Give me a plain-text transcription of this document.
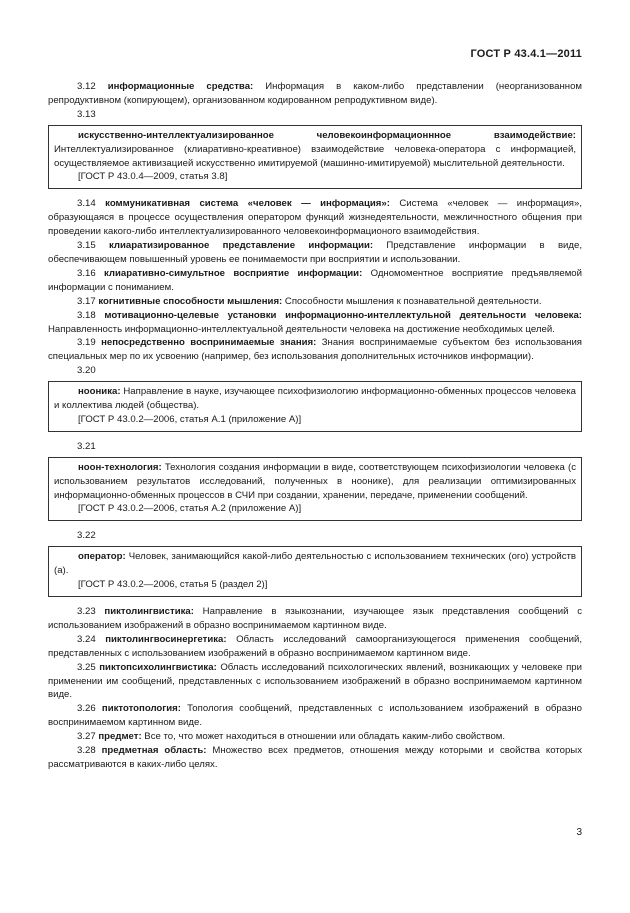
ГОСТ Р 43.4.1—2011

3.12 информационные средства: Информация в каком-либо представлении (неорганизованном репродуктивном (копирующем), организованном кодированном репродуктивном виде).

3.13

искусственно-интеллектуализированное человекоинформационнное взаимодействие: Интеллектуализированное (клиаративно-креативное) взаимодействие человека-оператора с информацией, осуществляемое активизацией искусственно имитируемой (машинно-имитируемой) мыслительной деятельности.

[ГОСТ Р 43.0.4—2009, статья 3.8]

3.14 коммуникативная система «человек — информация»: Система «человек — информация», образующаяся в процессе осуществления оператором функций жизнедеятельности, межличностного общения при проведении какого-либо интеллектуализированного человекоинформационого взаимодействия.

3.15 клиаратизированное представление информации: Представление информации в виде, обеспечивающем повышенный уровень ее понимаемости при восприятии и использовании.

3.16 клиаративно-симультное восприятие информации: Одномоментное восприятие предъявляемой информации с пониманием.

3.17 когнитивные способности мышления: Способности мышления к познавательной деятельности.

3.18 мотивационно-целевые установки информационно-интеллектульной деятельности человека: Направленность информационно-интеллектуальной деятельности человека на достижение необходимых целей.

3.19 непосредственно воспринимаемые знания: Знания воспринимаемые субъектом без использования специальных мер по их усвоению (например, без использования дополнительных источников информации).

3.20

нооника: Направление в науке, изучающее психофизиологию информационно-обменных процессов человека и коллектива людей (общества).

[ГОСТ Р 43.0.2—2006, статья А.1 (приложение А)]

3.21

ноон-технология: Технология создания информации в виде, соответствующем психофизиологии человека (с использованием результатов исследований, полученных в ноонике), для реализации оптимизированных информационно-обменных процессов в СЧИ при создании, хранении, передаче, применении сообщений.

[ГОСТ Р 43.0.2—2006, статья А.2 (приложение А)]

3.22

оператор: Человек, занимающийся какой-либо деятельностью с использованием технических (ого) устройств (а).

[ГОСТ Р 43.0.2—2006, статья 5 (раздел 2)]

3.23 пиктолингвистика: Направление в языкознании, изучающее язык представления сообщений с использованием изображений в образно воспринимаемом картинном виде.

3.24 пиктолингвосинергетика: Область исследований самоорганизующегося применения сообщений, представленных с использованием изображений в образно воспринимаемом картинном виде.

3.25 пиктопсихолингвистика: Область исследований психологических явлений, возникающих у человеке при применении им сообщений, представленных с использованием изображений в образно воспринимаемом картинном виде.

3.26 пиктотопология: Топология сообщений, представленных с использованием изображений в образно воспринимаемом картинном виде.

3.27 предмет: Все то, что может находиться в отношении или обладать каким-либо свойством.

3.28 предметная область: Множество всех предметов, отношения между которыми и свойства которых рассматриваются в каких-либо целях.

3
